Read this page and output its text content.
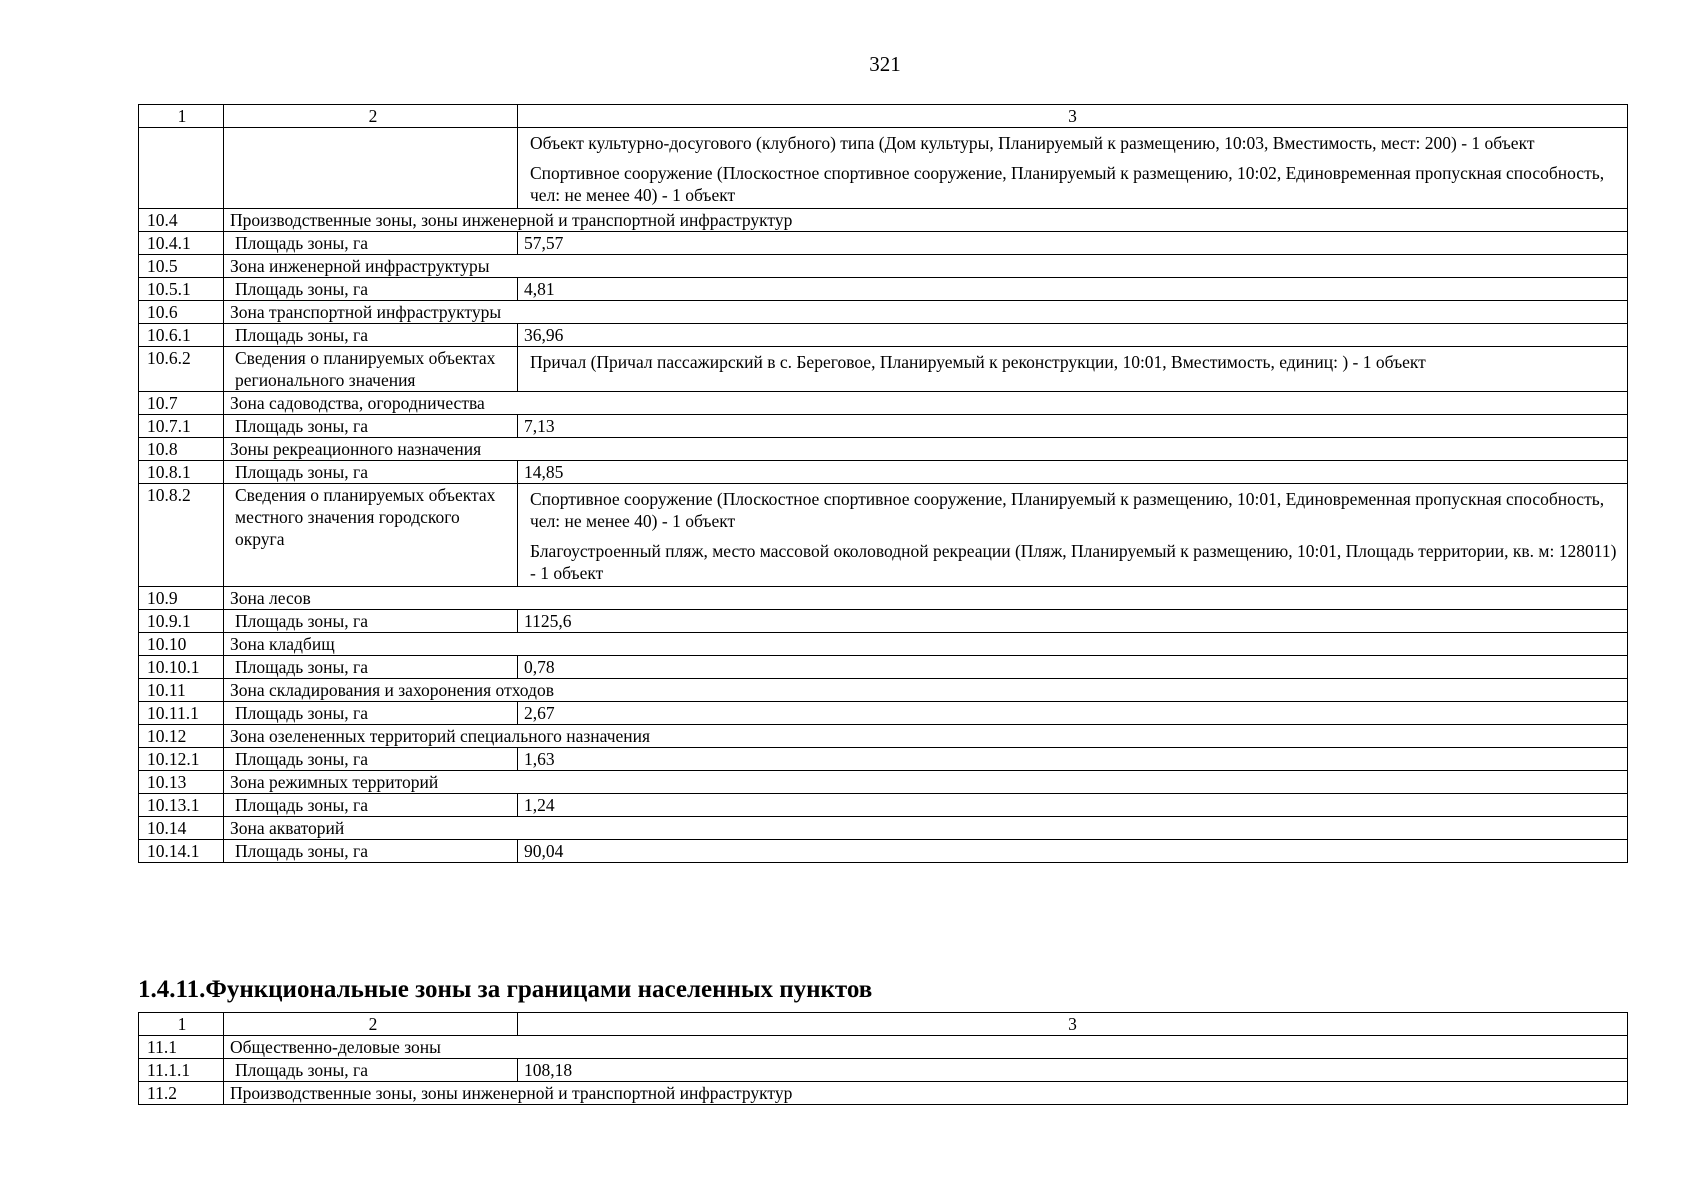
321
1	2	3

		Объект культурно-досугового (клубного) типа (Дом культуры, Планируемый к размещению, 10:03, Вместимость, мест: 200) - 1 объект
Спортивное сооружение (Плоскостное спортивное сооружение, Планируемый к размещению, 10:02, Единовременная пропускная способность, чел: не менее 40) - 1 объект

10.4	Производственные зоны, зоны инженерной и транспортной инфраструктур	
10.4.1	Площадь зоны, га	57,57
10.5	Зона инженерной инфраструктуры	
10.5.1	Площадь зоны, га	4,81
10.6	Зона транспортной инфраструктуры	
10.6.1	Площадь зоны, га	36,96
10.6.2	Сведения о планируемых объектах регионального значения	Причал (Причал пассажирский в с. Береговое, Планируемый к реконструкции, 10:01, Вместимость, единиц: ) - 1 объект

10.7	Зона садоводства, огородничества	
10.7.1	Площадь зоны, га	7,13
10.8	Зоны рекреационного назначения	
10.8.1	Площадь зоны, га	14,85
10.8.2	Сведения о планируемых объектах местного значения городского округа	Спортивное сооружение (Плоскостное спортивное сооружение, Планируемый к размещению, 10:01, Единовременная пропускная способность, чел: не менее 40) - 1 объект
Благоустроенный пляж, место массовой околоводной рекреации (Пляж, Планируемый к размещению, 10:01, Площадь территории, кв. м: 128011) - 1 объект

10.9	Зона лесов	
10.9.1	Площадь зоны, га	1125,6
10.10	Зона кладбищ	
10.10.1	Площадь зоны, га	0,78
10.11	Зона складирования и захоронения отходов	
10.11.1	Площадь зоны, га	2,67
10.12	Зона озелененных территорий специального назначения	
10.12.1	Площадь зоны, га	1,63
10.13	Зона режимных территорий	
10.13.1	Площадь зоны, га	1,24
10.14	Зона акваторий	
10.14.1	Площадь зоны, га	90,04
1.4.11.Функциональные зоны за границами населенных пунктов
1	2	3
11.1	Общественно-деловые зоны	
11.1.1	Площадь зоны, га	108,18
11.2	Производственные зоны, зоны инженерной и транспортной инфраструктур	
